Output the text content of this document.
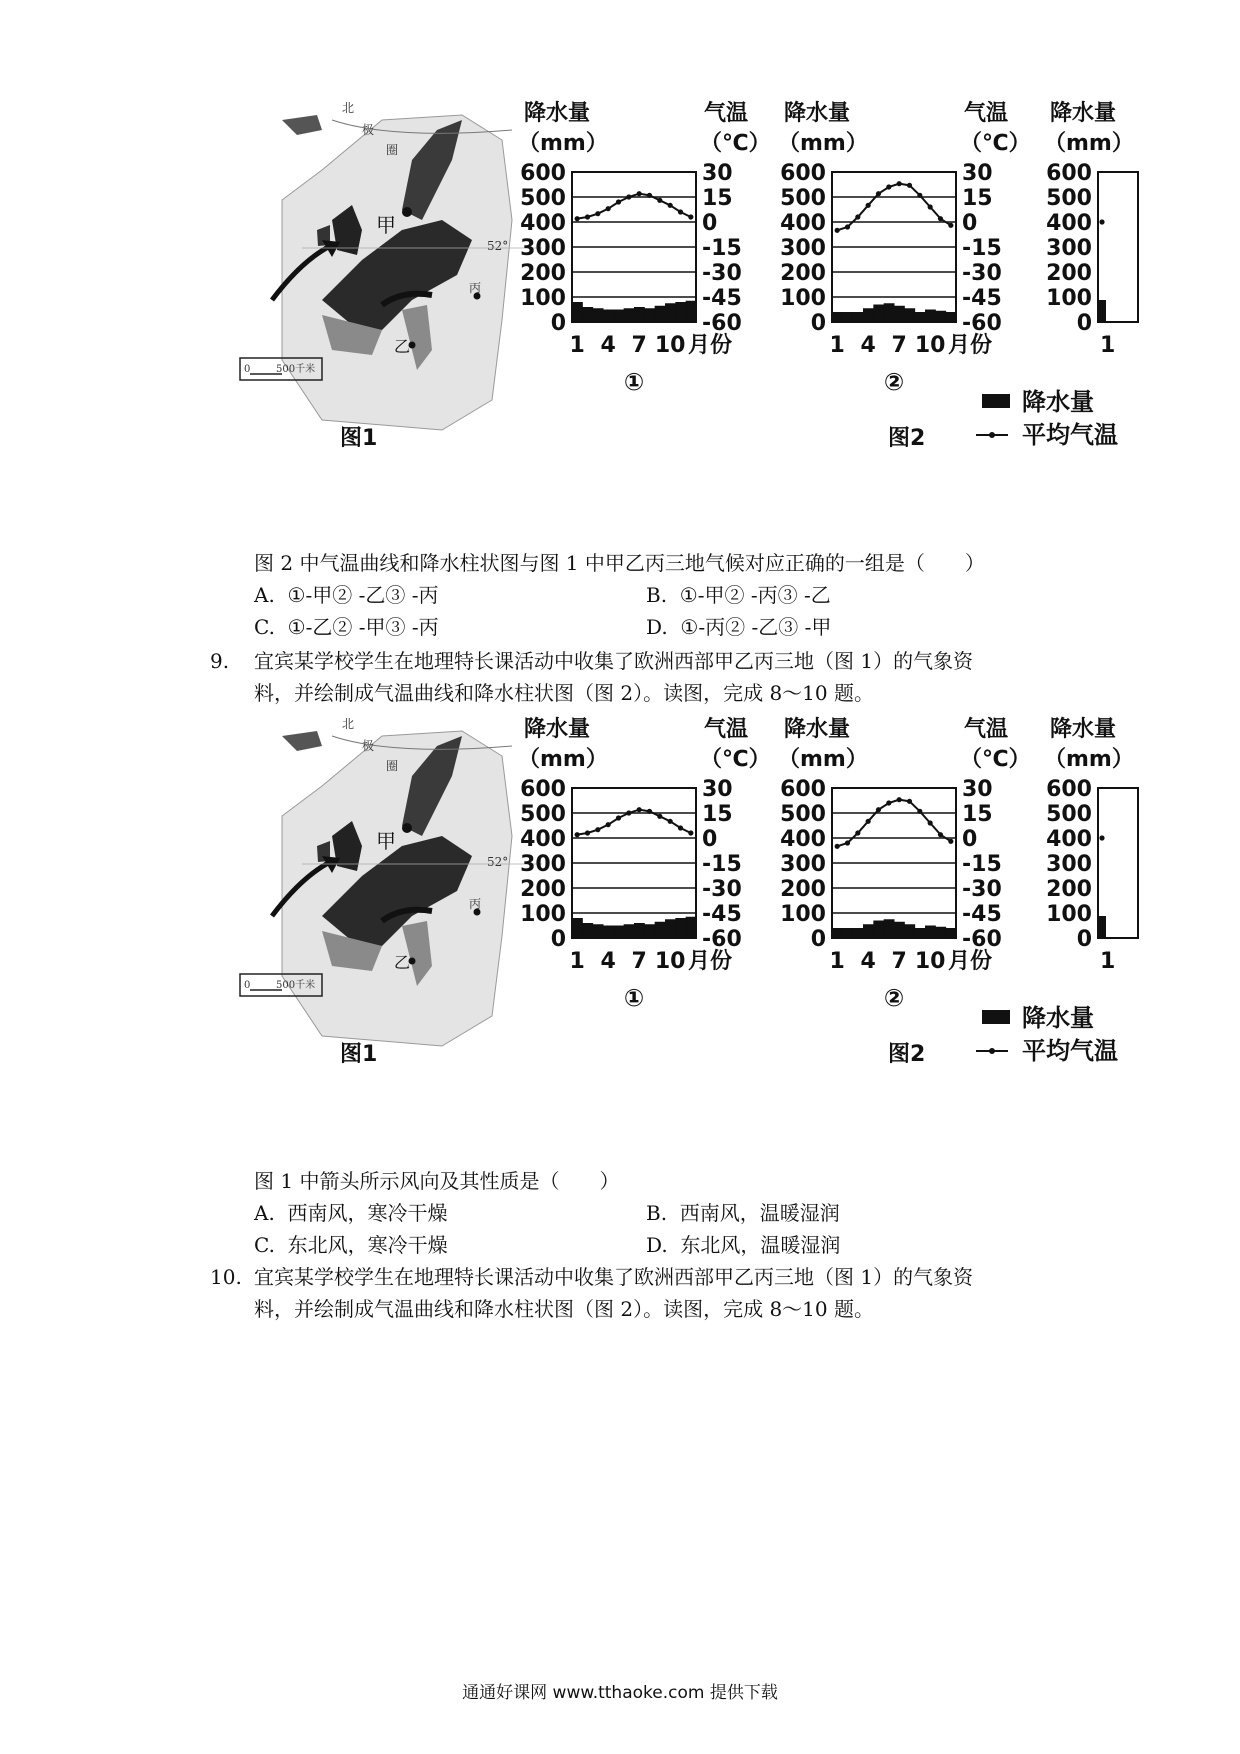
甲
乙
丙
北
极
圈
52°
0	500千米
图1
降水量
（mm）
气温
（℃）
600
500
400
300
200
100
0
30
15
0
-15
-30
-45
-60
1 4 7 10 月份
①
降水量
（mm）
气温
（℃）
600
500
400
300
200
100
0
30
15
0
-15
-30
-45
-60
1 4 7 10 月份
②
降水量
（mm）
600
500
400
300
200
100
0
1
图2
降水量
平均气温
图 2 中气温曲线和降水柱状图与图 1 中甲乙丙三地气候对应正确的一组是（　　）
A. ①-甲② -乙③ -丙	B. ①-甲② -丙③ -乙
C. ①-乙② -甲③ -丙	D. ①-丙② -乙③ -甲
9. 宜宾某学校学生在地理特长课活动中收集了欧洲西部甲乙丙三地（图 1）的气象资
料，并绘制成气温曲线和降水柱状图（图 2）。读图，完成 8～10 题。
甲
乙
丙
北
极
圈
52°
0	500千米
图1
降水量
（mm）
气温
（℃）
600
500
400
300
200
100
0
30
15
0
-15
-30
-45
-60
1 4 7 10 月份
①
降水量
（mm）
气温
（℃）
600
500
400
300
200
100
0
30
15
0
-15
-30
-45
-60
1 4 7 10 月份
②
降水量
（mm）
600
500
400
300
200
100
0
1
图2
降水量
平均气温
图 1 中箭头所示风向及其性质是（　　）
A. 西南风，寒冷干燥	B. 西南风，温暖湿润
C. 东北风，寒冷干燥	D. 东北风，温暖湿润
10. 宜宾某学校学生在地理特长课活动中收集了欧洲西部甲乙丙三地（图 1）的气象资
料，并绘制成气温曲线和降水柱状图（图 2）。读图，完成 8～10 题。
通通好课网 www.tthaoke.com 提供下载
